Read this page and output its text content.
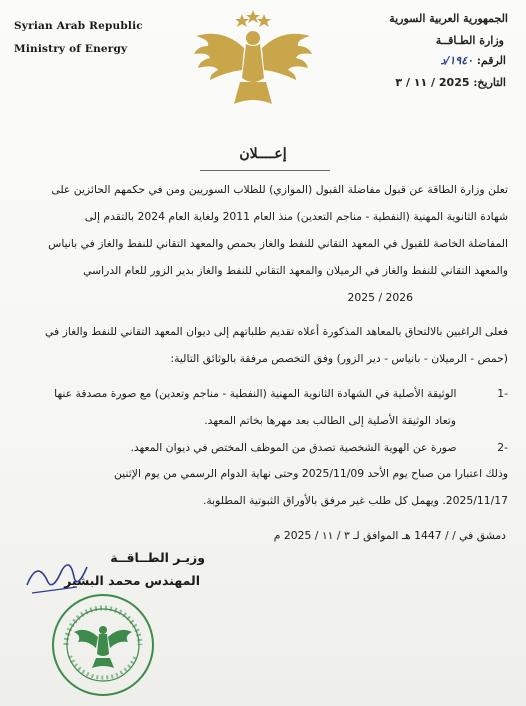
Syrian Arab Republic
Ministry of Energy
الجمهورية العربية السورية
وزارة الطـاقــة
الرقم: ١٩٤٠/د
التاريخ: 2025 / ١١ / ٣
إعــــلان
تعلن وزارة الطاقة عن قبول مفاضلة القبول (الموازي) للطلاب السوريين ومن في حكمهم الحائزين على
شهادة الثانوية المهنية (النفطية - مناجم التعدين) منذ العام 2011 ولغاية العام 2024 بالتقدم إلى
المفاضلة الخاصة للقبول في المعهد التقاني للنفط والغاز بحمص والمعهد التقاني للنفط والغاز في بانياس
والمعهد التقاني للنفط والغاز في الرميلان والمعهد التقاني للنفط والغاز بدير الزور للعام الدراسي
2025 / 2026
فعلى الراغبين بالالتحاق بالمعاهد المذكورة أعلاه تقديم طلباتهم إلى ديوان المعهد التقاني للنفط والغاز في
(حمص - الرميلان - بانياس - دير الزور) وفق التخصص مرفقة بالوثائق التالية:
-1 الوثيقة الأصلية في الشهادة الثانوية المهنية (النفطية - مناجم وتعدين) مع صورة مصدقة عنها
وتعاد الوثيقة الأصلية إلى الطالب بعد مهرها بخاتم المعهد.
-2 صورة عن الهوية الشخصية تصدق من الموظف المختص في ديوان المعهد.
وذلك اعتبارا من صباح يوم الأحد 2025/11/09 وحتى نهاية الدوام الرسمي من يوم الإثنين
2025/11/17. ويهمل كل طلب غير مرفق بالأوراق الثبوتية المطلوبة.
دمشق في / / 1447 هـ الموافق لـ ٣ / ١١ / 2025 م
وزيـر الطــاقــة
المهندس محمد البشير
